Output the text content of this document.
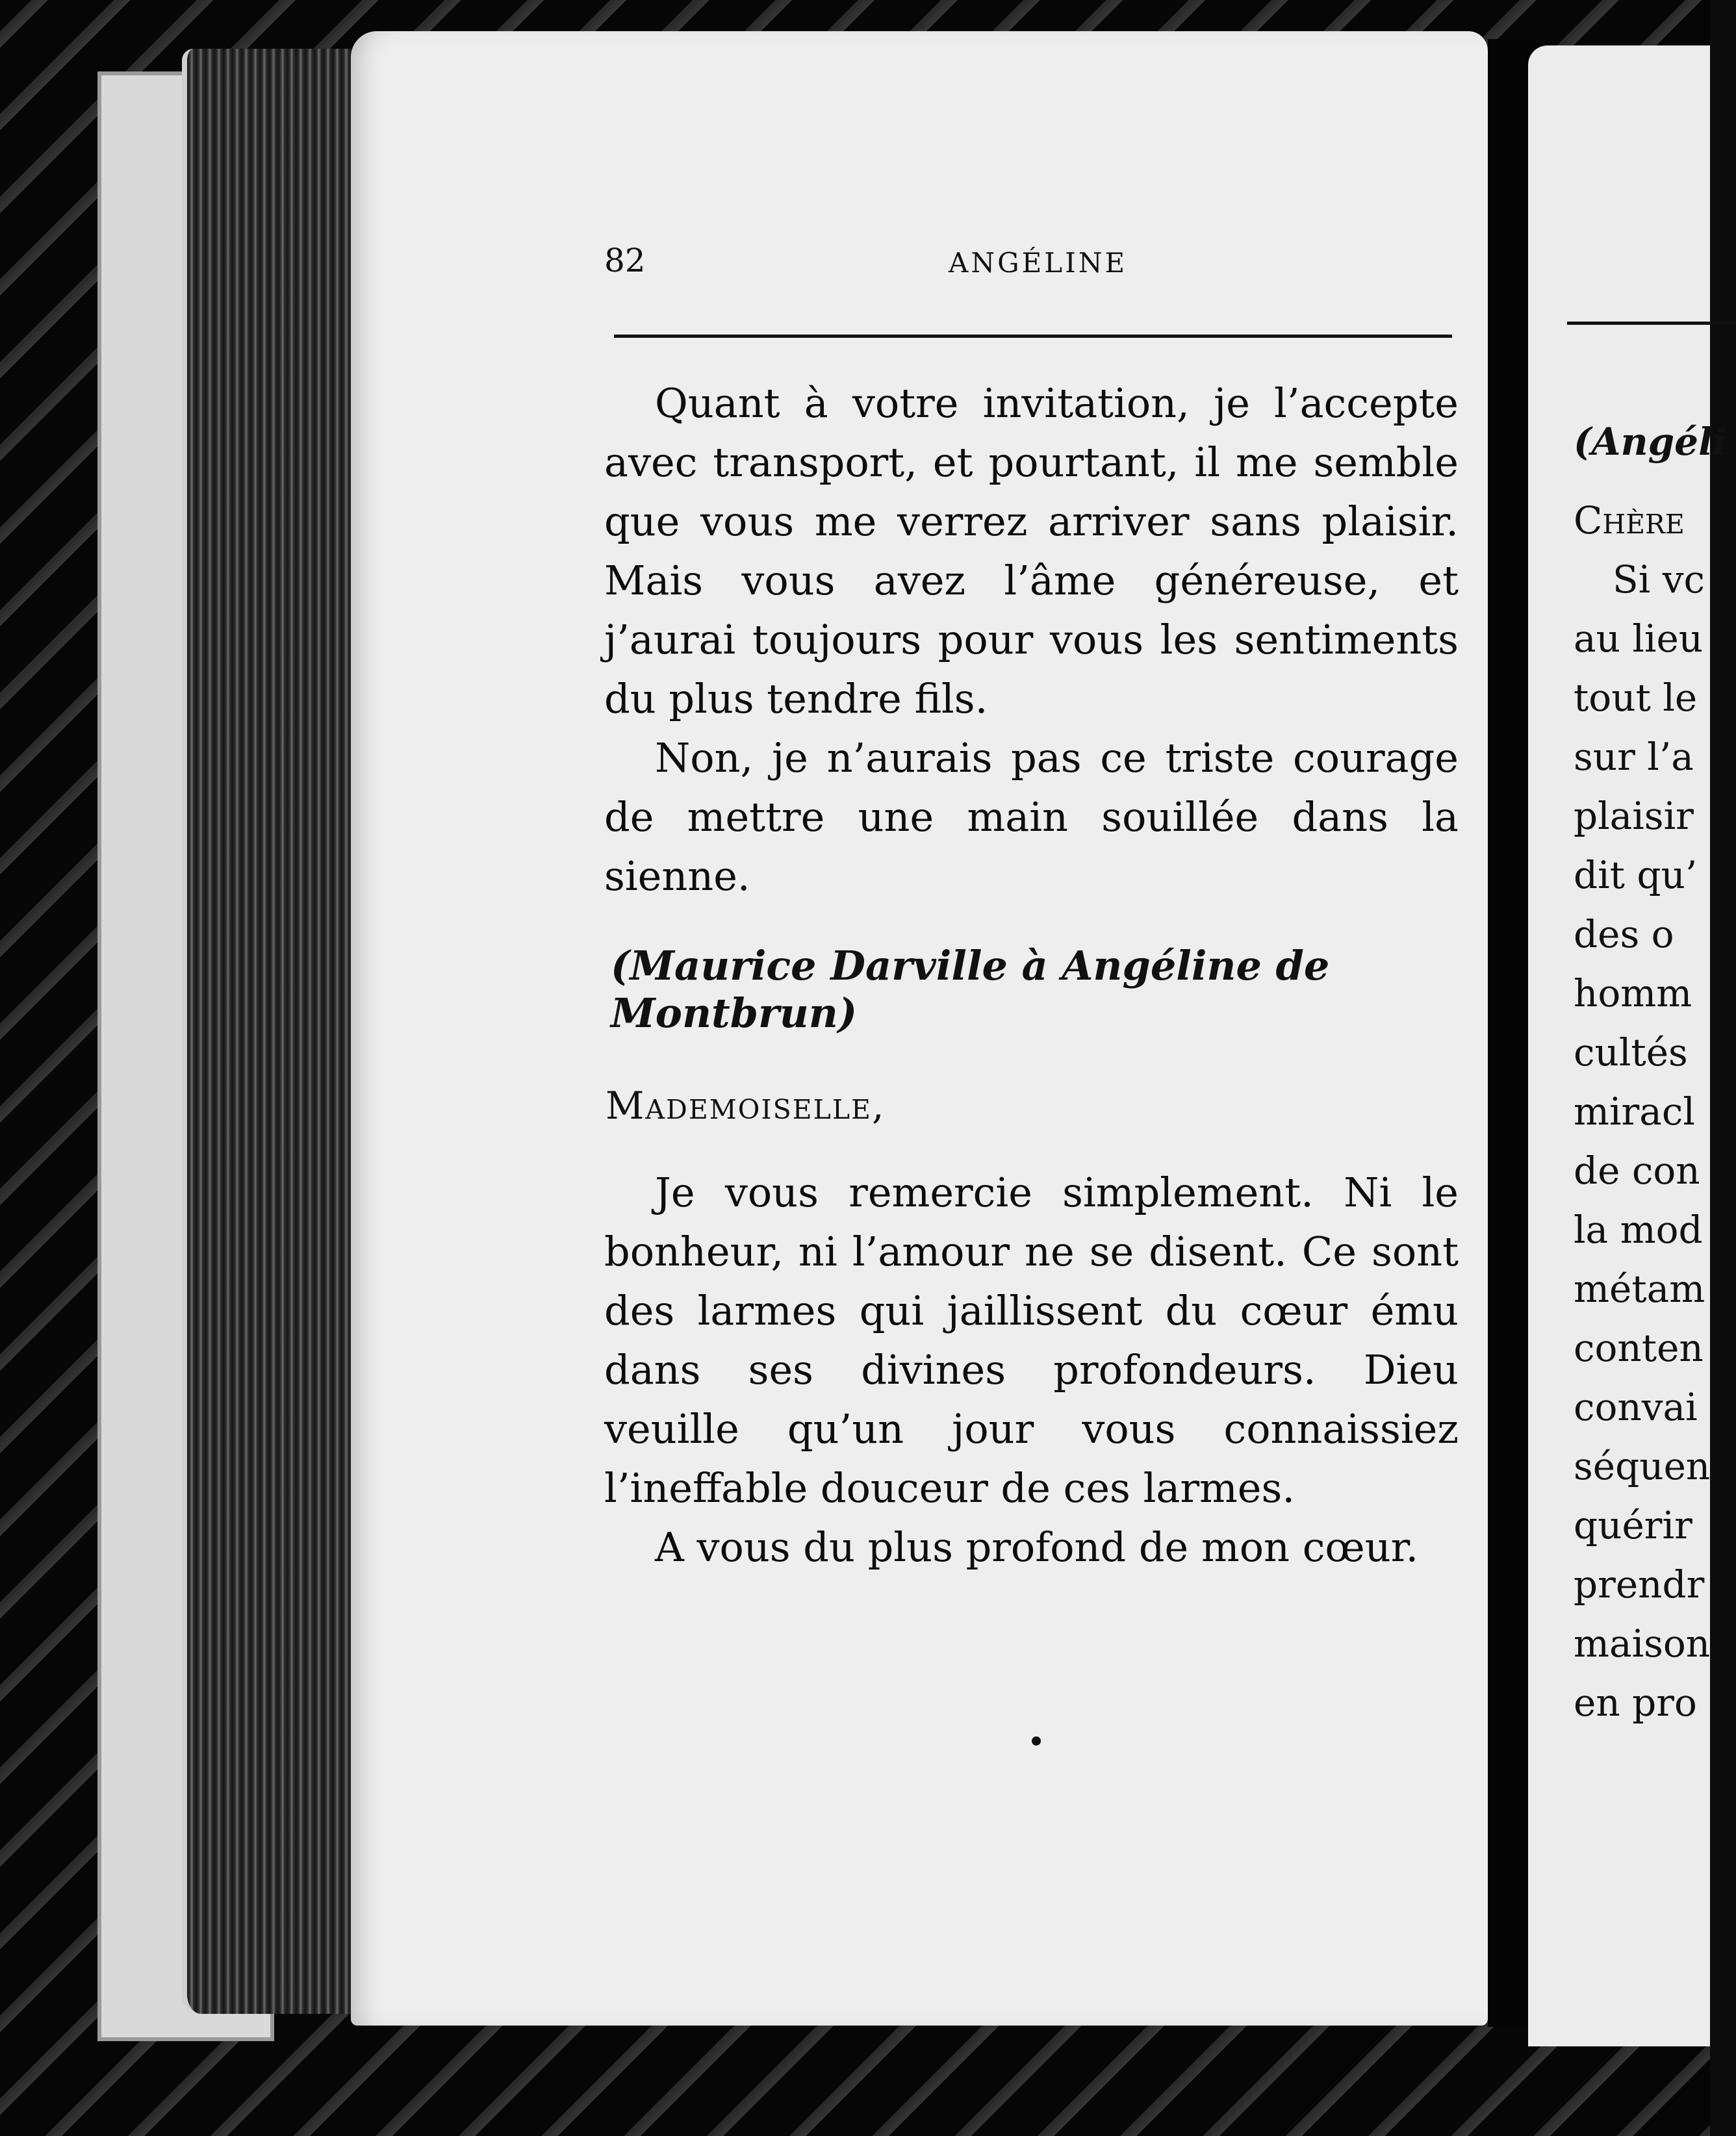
82	ANGÉLINE

Quant à votre invitation, je l’accepte avec transport, et pourtant, il me semble que vous me verrez arriver sans plaisir. Mais vous avez l’âme généreuse, et j’aurai toujours pour vous les sentiments du plus tendre fils.

Non, je n’aurais pas ce triste courage de mettre une main souillée dans la sienne.

(Maurice Darville à Angéline de Montbrun)
Mademoiselle,

Je vous remercie simplement. Ni le bonheur, ni l’amour ne se disent. Ce sont des larmes qui jaillissent du cœur ému dans ses divines profondeurs. Dieu veuille qu’un jour vous connaissiez l’ineffable douceur de ces larmes.

A vous du plus profond de mon cœur.

(Angéli
Chère
Si vc
au lieu
tout le
sur l’a
plaisir
dit qu’
des o
homm
cultés
miracl
de con
la mod
métam
conten
convai
séquen
quérir
prendr
maison
en pro
